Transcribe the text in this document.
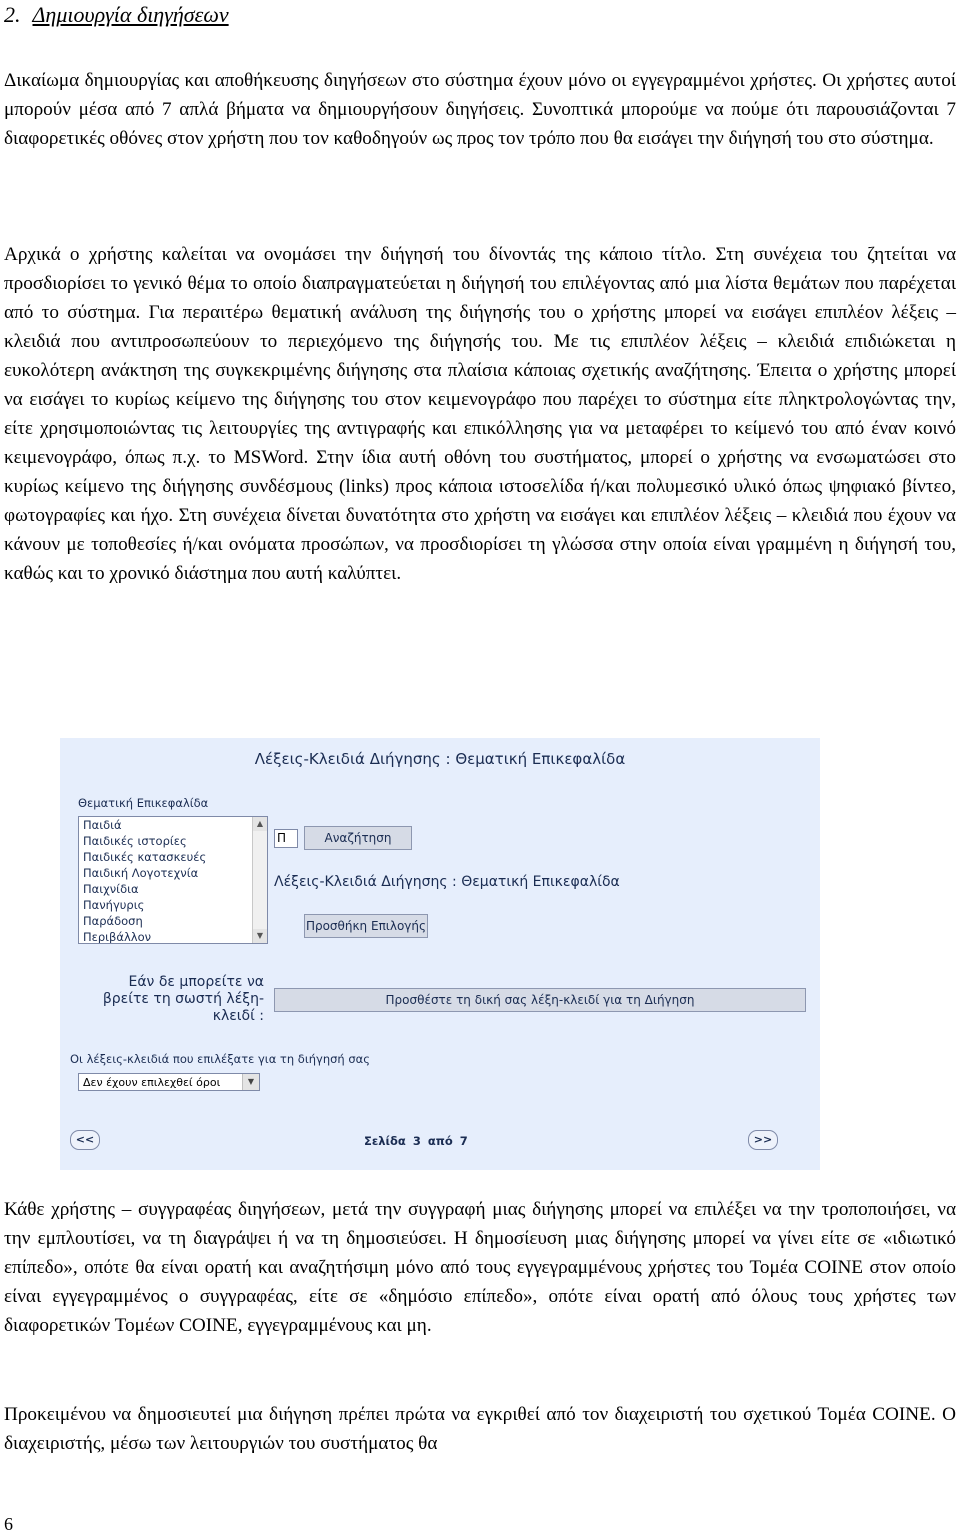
2. Δημιουργία διηγήσεων

Δικαίωμα δημιουργίας και αποθήκευσης διηγήσεων στο σύστημα έχουν μόνο οι εγγεγραμμένοι χρήστες. Οι χρήστες αυτοί μπορούν μέσα από 7 απλά βήματα να δημιουργήσουν διηγήσεις. Συνοπτικά μπορούμε να πούμε ότι παρουσιάζονται 7 διαφορετικές οθόνες στον χρήστη που τον καθοδηγούν ως προς τον τρόπο που θα εισάγει την διήγησή του στο σύστημα.

Αρχικά ο χρήστης καλείται να ονομάσει την διήγησή του δίνοντάς της κάποιο τίτλο. Στη συνέχεια του ζητείται να προσδιορίσει το γενικό θέμα το οποίο διαπραγματεύεται η διήγησή του επιλέγοντας από μια λίστα θεμάτων που παρέχεται από το σύστημα. Για περαιτέρω θεματική ανάλυση της διήγησής του ο χρήστης μπορεί να εισάγει επιπλέον λέξεις – κλειδιά που αντιπροσωπεύουν το περιεχόμενο της διήγησής του. Με τις επιπλέον λέξεις – κλειδιά επιδιώκεται η ευκολότερη ανάκτηση της συγκεκριμένης διήγησης στα πλαίσια κάποιας σχετικής αναζήτησης. Έπειτα ο χρήστης μπορεί να εισάγει το κυρίως κείμενο της διήγησης του στον κειμενογράφο που παρέχει το σύστημα είτε πληκτρολογώντας την, είτε χρησιμοποιώντας τις λειτουργίες της αντιγραφής και επικόλλησης για να μεταφέρει το κείμενό του από έναν κοινό κειμενογράφο, όπως π.χ. το MSWord. Στην ίδια αυτή οθόνη του συστήματος, μπορεί ο χρήστης να ενσωματώσει στο κυρίως κείμενο της διήγησης συνδέσμους (links) προς κάποια ιστοσελίδα ή/και πολυμεσικό υλικό όπως ψηφιακό βίντεο, φωτογραφίες και ήχο. Στη συνέχεια δίνεται δυνατότητα στο χρήστη να εισάγει και επιπλέον λέξεις – κλειδιά που έχουν να κάνουν με τοποθεσίες ή/και ονόματα προσώπων, να προσδιορίσει τη γλώσσα στην οποία είναι γραμμένη η διήγησή του, καθώς και το χρονικό διάστημα που αυτή καλύπτει.

Λέξεις-Κλειδιά Διήγησης : Θεματική Επικεφαλίδα
Θεματική Επικεφαλίδα
Παιδιά
Παιδικές ιστορίες
Παιδικές κατασκευές
Παιδική Λογοτεχνία
Παιχνίδια
Πανήγυρις
Παράδοση
Περιβάλλον
▲
▼
Π	Αναζήτηση
Λέξεις-Κλειδιά Διήγησης : Θεματική Επικεφαλίδα
Προσθήκη Επιλογής
Εάν δε μπορείτε να βρείτε τη σωστή λέξη-κλειδί :
Προσθέστε τη δική σας λέξη-κλειδί για τη Διήγηση
Οι λέξεις-κλειδιά που επιλέξατε για τη διήγησή σας
Δεν έχουν επιλεχθεί όροι	▼
<<	Σελίδα 3 από 7	>>

Κάθε χρήστης – συγγραφέας διηγήσεων, μετά την συγγραφή μιας διήγησης μπορεί να επιλέξει να την τροποποιήσει, να την εμπλουτίσει, να τη διαγράψει ή να τη δημοσιεύσει. Η δημοσίευση μιας διήγησης μπορεί να γίνει είτε σε «ιδιωτικό επίπεδο», οπότε θα είναι ορατή και αναζητήσιμη μόνο από τους εγγεγραμμένους χρήστες του Τομέα COINE στον οποίο είναι εγγεγραμμένος ο συγγραφέας, είτε σε «δημόσιο επίπεδο», οπότε είναι ορατή από όλους τους χρήστες των διαφορετικών Τομέων COINE, εγγεγραμμένους και μη.

Προκειμένου να δημοσιευτεί μια διήγηση πρέπει πρώτα να εγκριθεί από τον διαχειριστή του σχετικού Τομέα COINE. Ο διαχειριστής, μέσω των λειτουργιών του συστήματος θα

6
